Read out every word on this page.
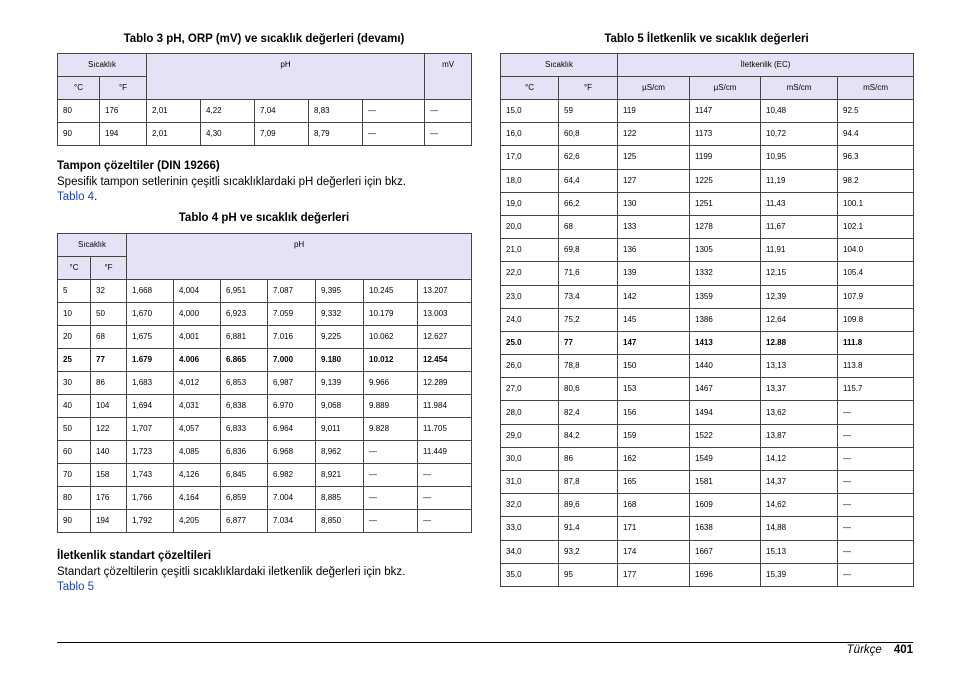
Tablo 3 pH, ORP (mV) ve sıcaklık değerleri (devamı)
Sıcaklık		pH					mV
°C	°F						
80	176	2,01	4,22	7,04	8,83	—	—
90	194	2,01	4,30	7,09	8,79	—	—
Tampon çözeltiler (DIN 19266)
Spesifik tampon setlerinin çeşitli sıcaklıklardaki pH değerleri için bkz.
Tablo 4.
Tablo 4 pH ve sıcaklık değerleri
Sıcaklık		pH						
°C	°F							
5	32	1,668	4,004	6,951	7.087	9,395	10.245	13.207
10	50	1,670	4,000	6,923	7.059	9,332	10.179	13.003
20	68	1,675	4,001	6,881	7.016	9,225	10.062	12.627
25	77	1.679	4.006	6.865	7.000	9.180	10.012	12.454
30	86	1,683	4,012	6,853	6,987	9,139	9.966	12.289
40	104	1,694	4,031	6,838	6.970	9,068	9.889	11.984
50	122	1,707	4,057	6,833	6.964	9,011	9.828	11.705
60	140	1,723	4,085	6,836	6.968	8,962	—	11.449
70	158	1,743	4,126	6,845	6.982	8,921	—	—
80	176	1,766	4,164	6,859	7.004	8,885	—	—
90	194	1,792	4,205	6,877	7.034	8,850	—	—
İletkenlik standart çözeltileri
Standart çözeltilerin çeşitli sıcaklıklardaki iletkenlik değerleri için bkz.
Tablo 5
Tablo 5 İletkenlik ve sıcaklık değerleri
Sıcaklık		İletkenlik (EC)			
°C	°F	µS/cm	µS/cm	mS/cm	mS/cm
15,0	59	119	1147	10,48	92.5
16,0	60,8	122	1173	10,72	94.4
17,0	62,6	125	1199	10,95	96.3
18,0	64,4	127	1225	11,19	98.2
19,0	66,2	130	1251	11,43	100.1
20,0	68	133	1278	11,67	102.1
21,0	69,8	136	1305	11,91	104.0
22,0	71,6	139	1332	12,15	105.4
23,0	73,4	142	1359	12,39	107.9
24,0	75,2	145	1386	12,64	109.8
25.0	77	147	1413	12.88	111.8
26,0	78,8	150	1440	13,13	113.8
27,0	80,6	153	1467	13,37	115.7
28,0	82,4	156	1494	13,62	—
29,0	84,2	159	1522	13,87	—
30,0	86	162	1549	14,12	—
31,0	87,8	165	1581	14,37	—
32,0	89,6	168	1609	14,62	—
33,0	91,4	171	1638	14,88	—
34,0	93,2	174	1667	15,13	—
35,0	95	177	1696	15,39	—
Türkçe 401
